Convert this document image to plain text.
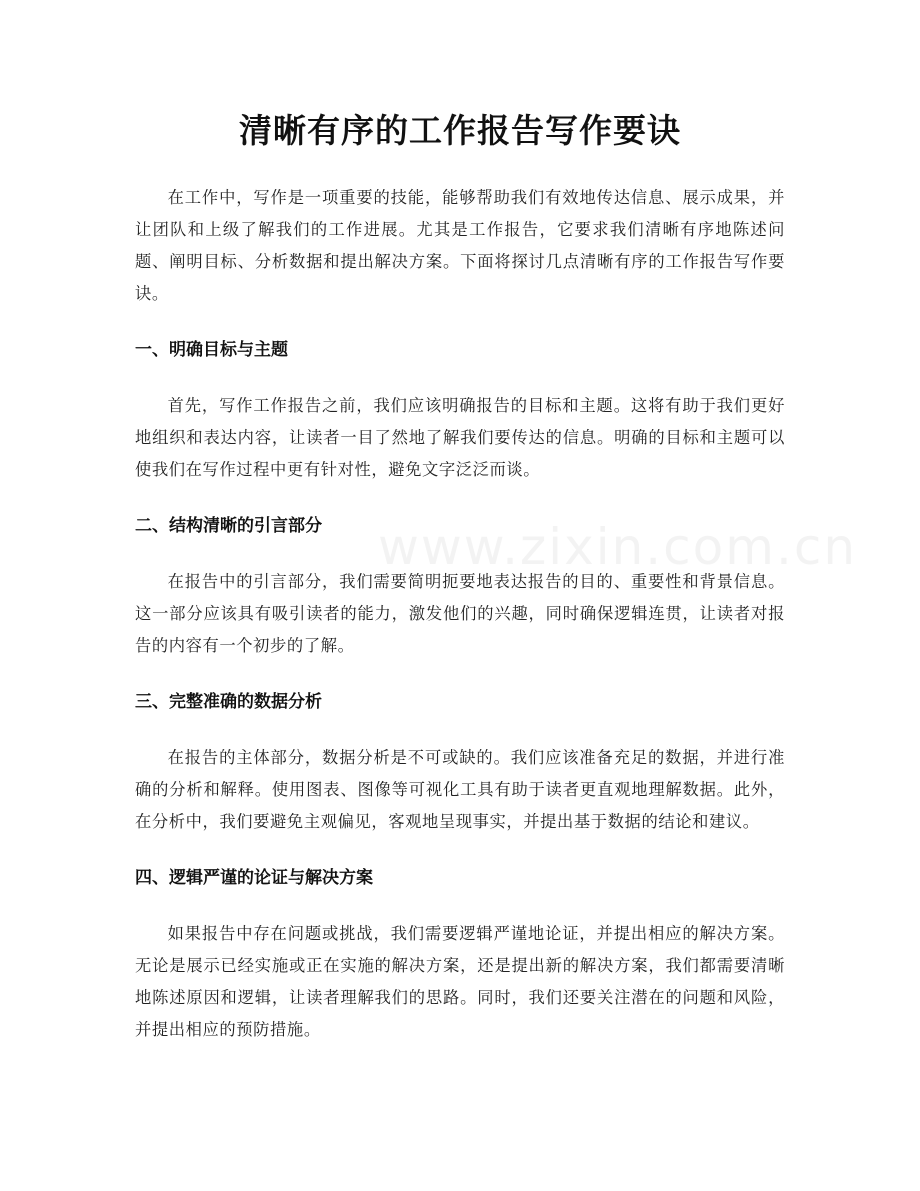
清晰有序的工作报告写作要诀

在工作中，写作是一项重要的技能，能够帮助我们有效地传达信息、展示成果，并让团队和上级了解我们的工作进展。尤其是工作报告，它要求我们清晰有序地陈述问题、阐明目标、分析数据和提出解决方案。下面将探讨几点清晰有序的工作报告写作要诀。

一、明确目标与主题

首先，写作工作报告之前，我们应该明确报告的目标和主题。这将有助于我们更好地组织和表达内容，让读者一目了然地了解我们要传达的信息。明确的目标和主题可以使我们在写作过程中更有针对性，避免文字泛泛而谈。

二、结构清晰的引言部分

在报告中的引言部分，我们需要简明扼要地表达报告的目的、重要性和背景信息。这一部分应该具有吸引读者的能力，激发他们的兴趣，同时确保逻辑连贯，让读者对报告的内容有一个初步的了解。

三、完整准确的数据分析

在报告的主体部分，数据分析是不可或缺的。我们应该准备充足的数据，并进行准确的分析和解释。使用图表、图像等可视化工具有助于读者更直观地理解数据。此外，在分析中，我们要避免主观偏见，客观地呈现事实，并提出基于数据的结论和建议。

四、逻辑严谨的论证与解决方案

如果报告中存在问题或挑战，我们需要逻辑严谨地论证，并提出相应的解决方案。无论是展示已经实施或正在实施的解决方案，还是提出新的解决方案，我们都需要清晰地陈述原因和逻辑，让读者理解我们的思路。同时，我们还要关注潜在的问题和风险，并提出相应的预防措施。

www.zixin.com.cn
